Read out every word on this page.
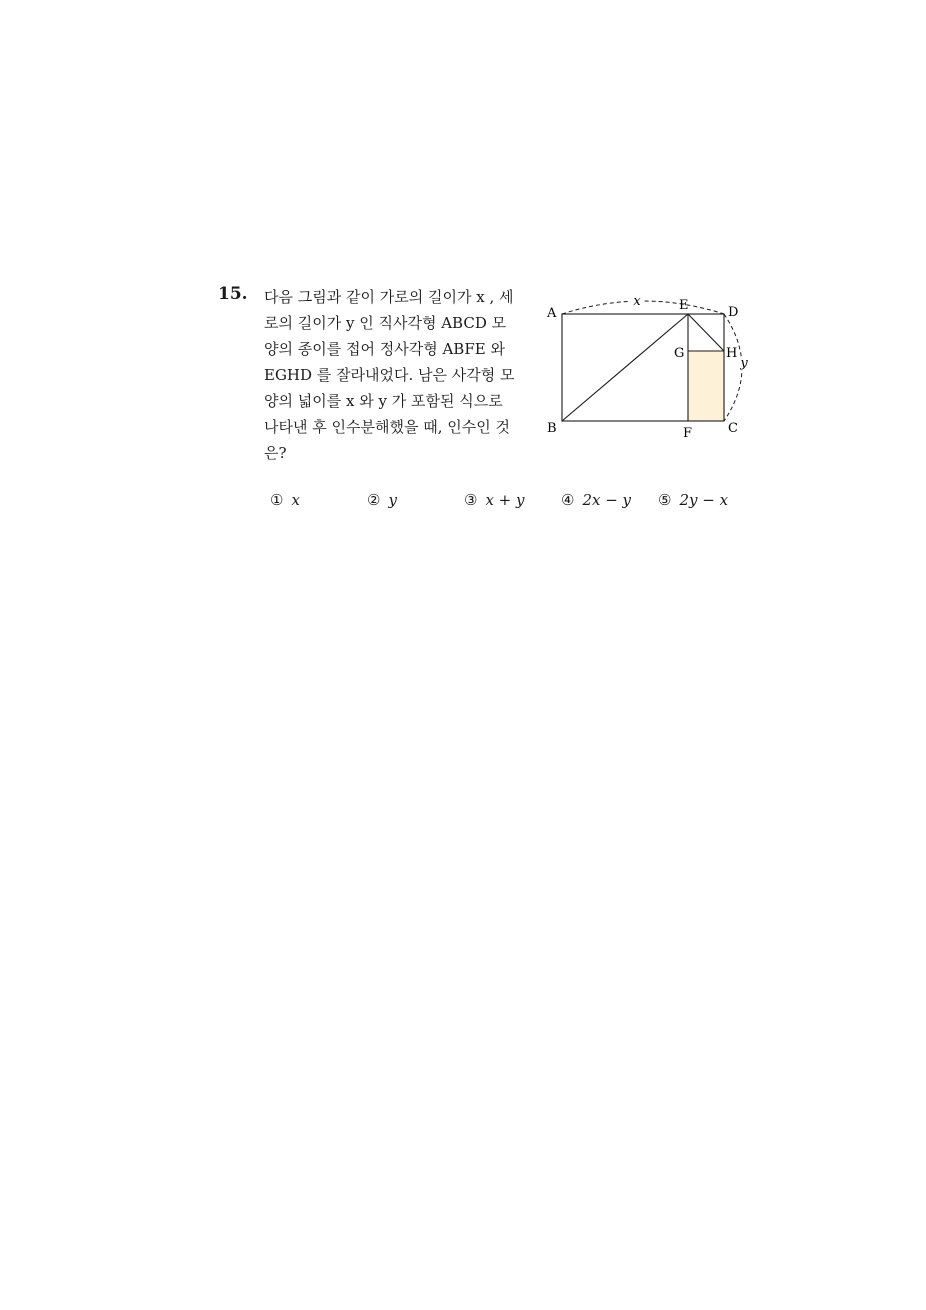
15. 다음 그림과 같이 가로의 길이가 x , 세
로의 길이가 y 인 직사각형 ABCD 모
양의 종이를 접어 정사각형 ABFE 와
EGHD 를 잘라내었다. 남은 사각형 모
양의 넓이를 x 와 y 가 포함된 식으로
나타낸 후 인수분해했을 때, 인수인 것
은?
x
y
A
B	C
D
E
F
G	H
① x	② y	③ x + y ④ 2x − y ⑤ 2y − x
